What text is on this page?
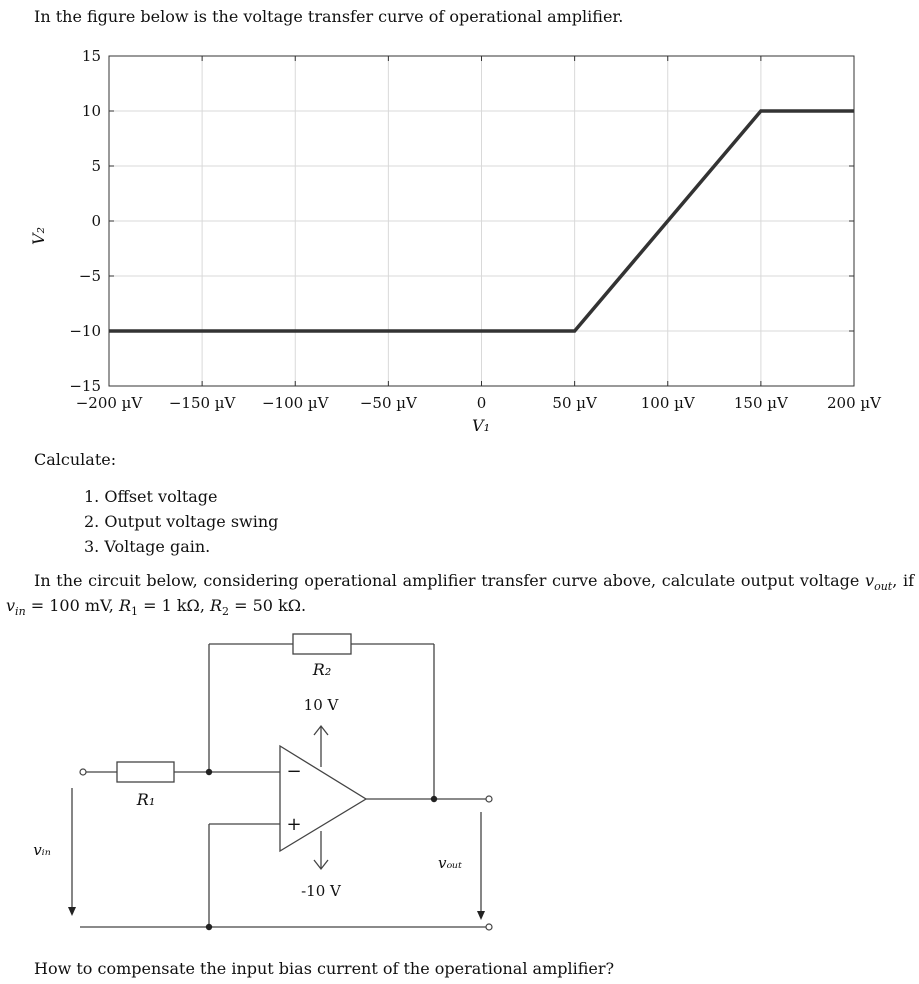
In the figure below is the voltage transfer curve of operational amplifier.
−15
−10
−5
0
5
10
15
−200 µV −150 µV −100 µV −50 µV	0	50 µV	100 µV	150 µV	200 µV
V₂
V₁
Calculate:
1. Offset voltage
2. Output voltage swing
3. Voltage gain.
In the circuit below, considering operational amplifier transfer curve above, calculate output voltage $v_{out}$, if
$v_{in} = 100$ mV, $R_1 = 1$ kΩ, $R_2 = 50$ kΩ.
R₁
R₂
10 V
-10 V
−
+
vᵢₙ
vₒᵤₜ
How to compensate the input bias current of the operational amplifier?
